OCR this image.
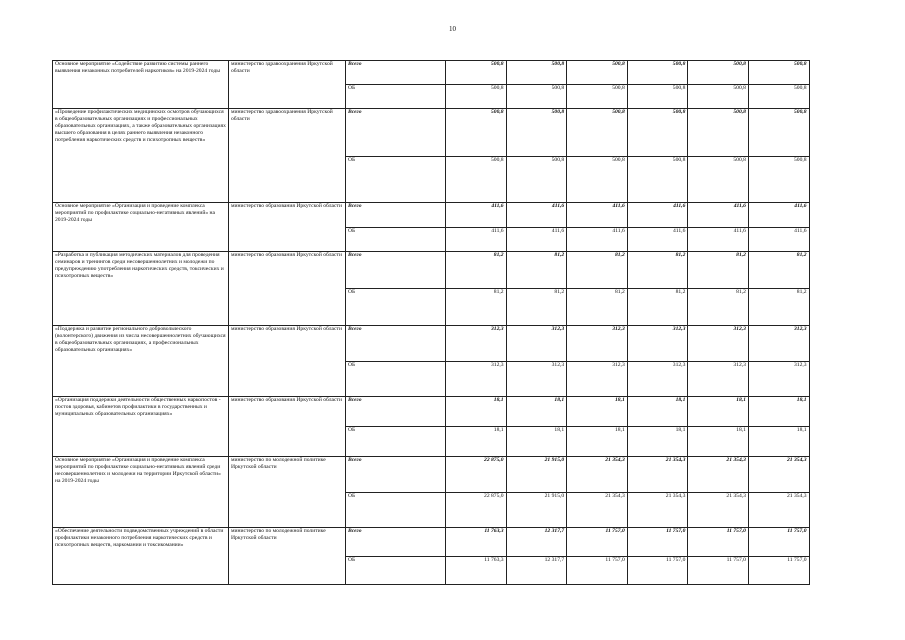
10
Основное мероприятие «Содействие развитию системы раннего выявления незаконных потребителей наркотиков» на 2019-2024 годы	министерство здравоохранения Иркутской области	Всего	500,8	500,8	500,8	500,8	500,8	500,8
		ОБ	500,8	500,8	500,8	500,8	500,8	500,8
«Проведение профилактических медицинских осмотров обучающихся в общеобразовательных организациях и профессиональных образовательных организациях, а также образовательных организациях высшего образования в целях раннего выявления незаконного потребления наркотических средств и психотропных веществ»	министерство здравоохранения Иркутской области	Всего	500,8	500,8	500,8	500,8	500,8	500,8
		ОБ	500,8	500,8	500,8	500,8	500,8	500,8
Основное мероприятие «Организация и проведение комплекса мероприятий по профилактике социально-негативных явлений» на 2019-2024 годы	министерство образования Иркутской области	Всего	411,6	411,6	411,6	411,6	411,6	411,6
		ОБ	411,6	411,6	411,6	411,6	411,6	411,6
«Разработка и публикация методических материалов для проведения семинаров и тренингов среди несовершеннолетних и молодежи по предупреждению употребления наркотических средств, токсических и психотропных веществ»	министерство образования Иркутской области	Всего	81,2	81,2	81,2	81,2	81,2	81,2
		ОБ	81,2	81,2	81,2	81,2	81,2	81,2
«Поддержка и развитие регионального добровольческого (волонтерского) движения из числа несовершеннолетних обучающихся в общеобразовательных организациях, а профессиональных образовательных организациях»	министерство образования Иркутской области	Всего	312,3	312,3	312,3	312,3	312,3	312,3
		ОБ	312,3	312,3	312,3	312,3	312,3	312,3
«Организация поддержки деятельности общественных наркопостов - постов здоровья, кабинетов профилактики в государственных и муниципальных образовательных организациях»	министерство образования Иркутской области	Всего	18,1	18,1	18,1	18,1	18,1	18,1
		ОБ	18,1	18,1	18,1	18,1	18,1	18,1
Основное мероприятие «Организация и проведение комплекса мероприятий по профилактике социально-негативных явлений среди несовершеннолетних и молодежи на территории Иркутской области» на 2019-2024 годы	министерство по молодежной политике Иркутской области	Всего	22 875,0	21 915,0	21 354,3	21 354,3	21 354,3	21 354,3
		ОБ	22 875,0	21 915,0	21 354,3	21 354,3	21 354,3	21 354,3
«Обеспечение деятельности подведомственных учреждений в области профилактики незаконного потребления наркотических средств и психотропных веществ, наркомании и токсикомании»	министерство по молодежной политике Иркутской области	Всего	11 763,3	12 317,7	11 757,0	11 757,0	11 757,0	11 757,0
		ОБ	11 763,3	12 317,7	11 757,0	11 757,0	11 757,0	11 757,0
